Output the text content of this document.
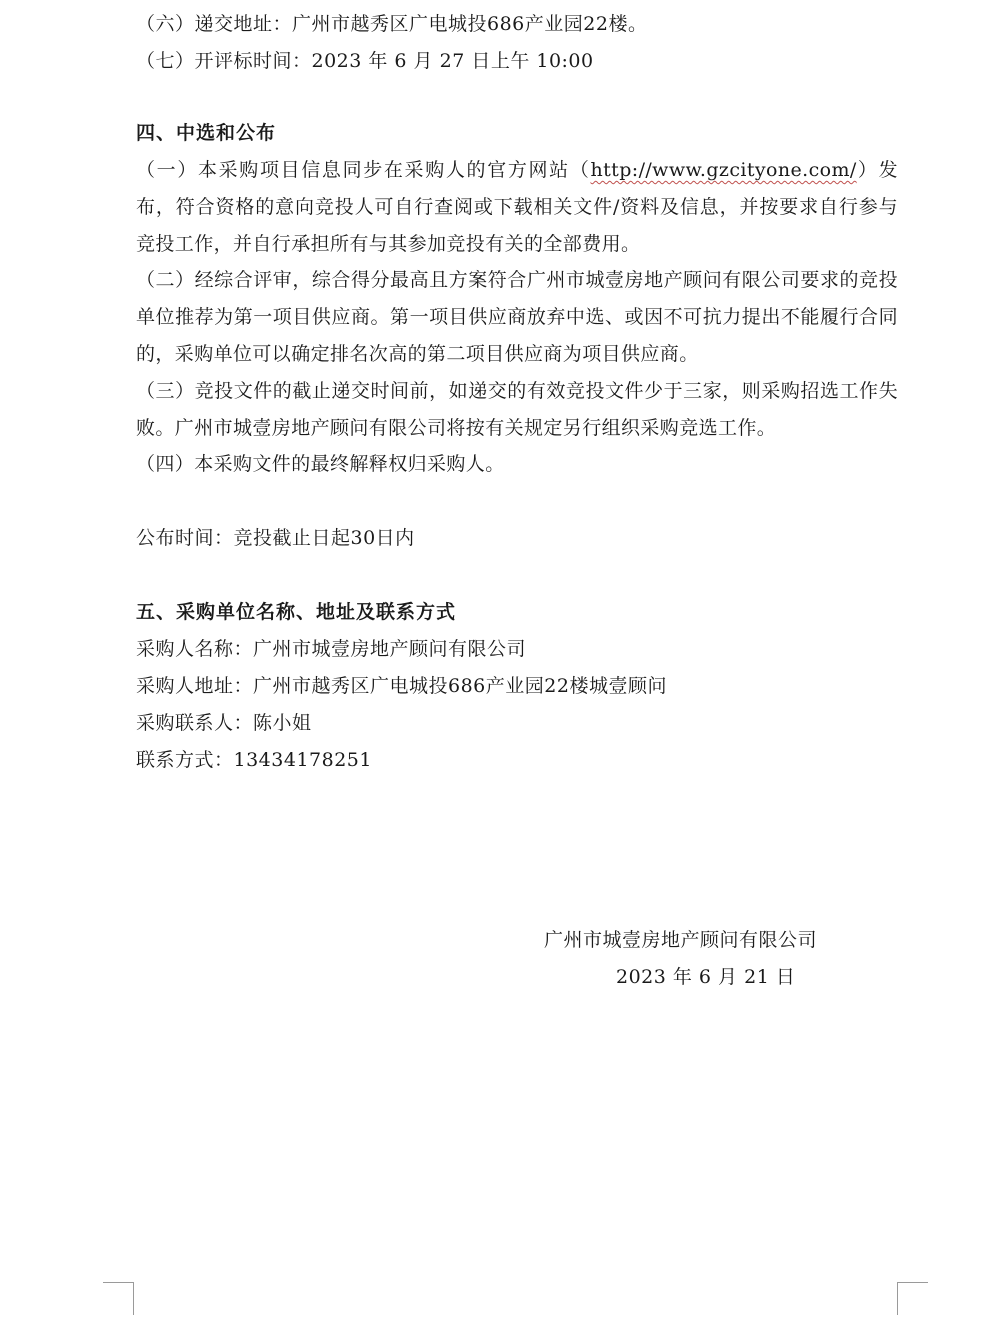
（六）递交地址：广州市越秀区广电城投686产业园22楼。
（七）开评标时间：2023 年 6 月 27 日上午 10:00
四、中选和公布

（一）本采购项目信息同步在采购人的官方网站（http://www.gzcityone.com/）发布，符合资格的意向竞投人可自行查阅或下载相关文件/资料及信息，并按要求自行参与竞投工作，并自行承担所有与其参加竞投有关的全部费用。

（二）经综合评审，综合得分最高且方案符合广州市城壹房地产顾问有限公司要求的竞投单位推荐为第一项目供应商。第一项目供应商放弃中选、或因不可抗力提出不能履行合同的，采购单位可以确定排名次高的第二项目供应商为项目供应商。

（三）竞投文件的截止递交时间前，如递交的有效竞投文件少于三家，则采购招选工作失败。广州市城壹房地产顾问有限公司将按有关规定另行组织采购竞选工作。

（四）本采购文件的最终解释权归采购人。

公布时间：竞投截止日起30日内
五、采购单位名称、地址及联系方式
采购人名称：广州市城壹房地产顾问有限公司
采购人地址：广州市越秀区广电城投686产业园22楼城壹顾问
采购联系人：陈小姐
联系方式：13434178251
广州市城壹房地产顾问有限公司
2023 年 6 月 21 日
